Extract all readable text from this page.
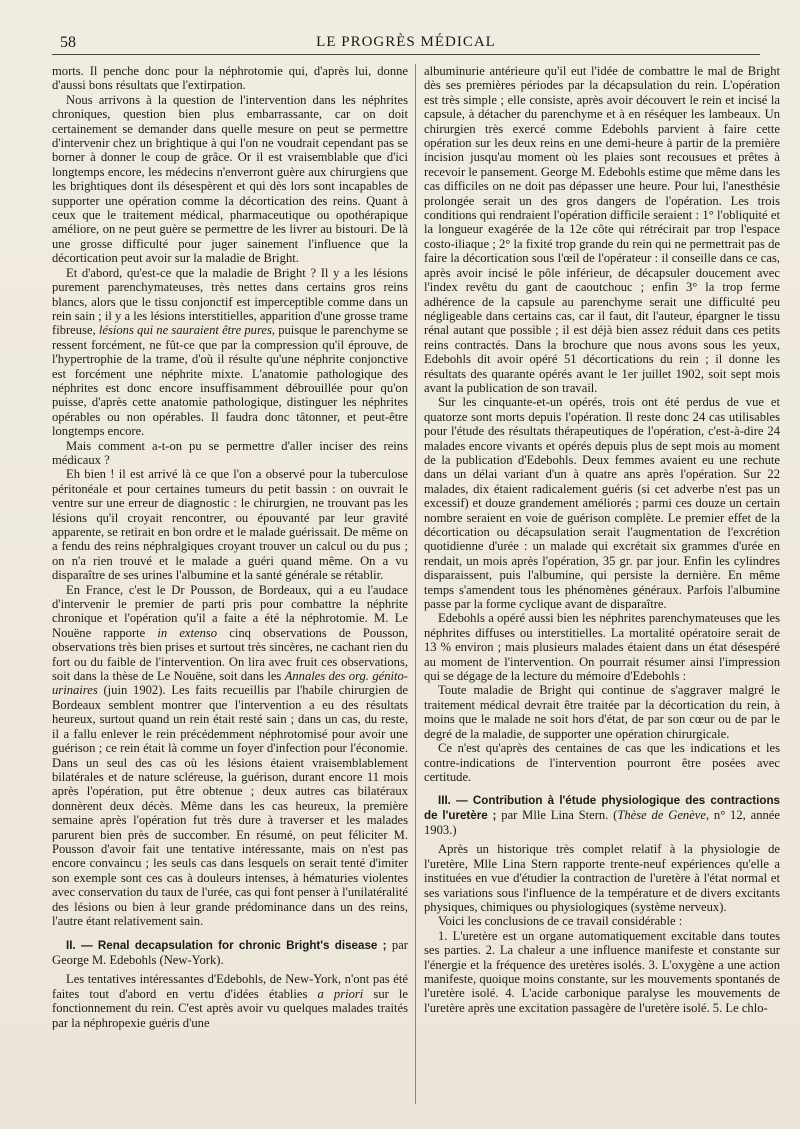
58	LE PROGRÈS MÉDICAL

morts. Il penche donc pour la néphrotomie qui, d'après lui, donne d'aussi bons résultats que l'extirpation.

Nous arrivons à la question de l'intervention dans les néphrites chroniques, question bien plus embarrassante, car on doit certainement se demander dans quelle mesure on peut se permettre d'intervenir chez un brightique à qui l'on ne voudrait cependant pas se borner à donner le coup de grâce. Or il est vraisemblable que d'ici longtemps encore, les médecins n'enverront guère aux chirurgiens que les brightiques dont ils désespèrent et qui dès lors sont incapables de supporter une opération comme la décortication des reins. Quant à ceux que le traitement médical, pharmaceutique ou opothérapique améliore, on ne peut guère se permettre de les livrer au bistouri. De là une grosse difficulté pour juger sainement l'influence que la décortication peut avoir sur la maladie de Bright.

Et d'abord, qu'est-ce que la maladie de Bright ? Il y a les lésions purement parenchymateuses, très nettes dans certains gros reins blancs, alors que le tissu conjonctif est imperceptible comme dans un rein sain ; il y a les lésions interstitielles, apparition d'une grosse trame fibreuse, lésions qui ne sauraient être pures, puisque le parenchyme se ressent forcément, ne fût-ce que par la compression qu'il éprouve, de l'hypertrophie de la trame, d'où il résulte qu'une néphrite conjonctive est forcément une néphrite mixte. L'anatomie pathologique des néphrites est donc encore insuffisamment débrouillée pour qu'on puisse, d'après cette anatomie pathologique, distinguer les néphrites opérables ou non opérables. Il faudra donc tâtonner, et peut-être longtemps encore.

Mais comment a-t-on pu se permettre d'aller inciser des reins médicaux ?

Eh bien ! il est arrivé là ce que l'on a observé pour la tuberculose péritonéale et pour certaines tumeurs du petit bassin : on ouvrait le ventre sur une erreur de diagnostic : le chirurgien, ne trouvant pas les lésions qu'il croyait rencontrer, ou épouvanté par leur gravité apparente, se retirait en bon ordre et le malade guérissait. De même on a fendu des reins néphralgiques croyant trouver un calcul ou du pus ; on n'a rien trouvé et le malade a guéri quand même. On a vu disparaître de ses urines l'albumine et la santé générale se rétablir.

En France, c'est le Dr Pousson, de Bordeaux, qui a eu l'audace d'intervenir le premier de parti pris pour combattre la néphrite chronique et l'opération qu'il a faite a été la néphrotomie. M. Le Nouëne rapporte in extenso cinq observations de Pousson, observations très bien prises et surtout très sincères, ne cachant rien du fort ou du faible de l'intervention. On lira avec fruit ces observations, soit dans la thèse de Le Nouëne, soit dans les Annales des org. génito-urinaires (juin 1902). Les faits recueillis par l'habile chirurgien de Bordeaux semblent montrer que l'intervention a eu des résultats heureux, surtout quand un rein était resté sain ; dans un cas, du reste, il a fallu enlever le rein précédemment néphrotomisé pour avoir une guérison ; ce rein était là comme un foyer d'infection pour l'économie. Dans un seul des cas où les lésions étaient vraisemblablement bilatérales et de nature scléreuse, la guérison, durant encore 11 mois après l'opération, put être obtenue ; deux autres cas bilatéraux donnèrent deux décès. Même dans les cas heureux, la première semaine après l'opération fut très dure à traverser et les malades parurent bien près de succomber. En résumé, on peut féliciter M. Pousson d'avoir fait une tentative intéressante, mais on n'est pas encore convaincu ; les seuls cas dans lesquels on serait tenté d'imiter son exemple sont ces cas à douleurs intenses, à hématuries violentes avec conservation du taux de l'urée, cas qui font penser à l'unilatéralité des lésions ou bien à leur grande prédominance dans un des reins, l'autre étant relativement sain.

II. — Renal decapsulation for chronic Bright's disease ; par George M. Edebohls (New-York).

Les tentatives intéressantes d'Edebohls, de New-York, n'ont pas été faites tout d'abord en vertu d'idées établies a priori sur le fonctionnement du rein. C'est après avoir vu quelques malades traités par la néphropexie guéris d'une

albuminurie antérieure qu'il eut l'idée de combattre le mal de Bright dès ses premières périodes par la décapsulation du rein. L'opération est très simple ; elle consiste, après avoir découvert le rein et incisé la capsule, à détacher du parenchyme et à en réséquer les lambeaux. Un chirurgien très exercé comme Edebohls parvient à faire cette opération sur les deux reins en une demi-heure à partir de la première incision jusqu'au moment où les plaies sont recousues et prêtes à recevoir le pansement. George M. Edebohls estime que même dans les cas difficiles on ne doit pas dépasser une heure. Pour lui, l'anesthésie prolongée serait un des gros dangers de l'opération. Les trois conditions qui rendraient l'opération difficile seraient : 1° l'obliquité et la longueur exagérée de la 12e côte qui rétrécirait par trop l'espace costo-iliaque ; 2° la fixité trop grande du rein qui ne permettrait pas de faire la décortication sous l'œil de l'opérateur : il conseille dans ce cas, après avoir incisé le pôle inférieur, de décapsuler doucement avec l'index revêtu du gant de caoutchouc ; enfin 3° la trop ferme adhérence de la capsule au parenchyme serait une difficulté peu négligeable dans certains cas, car il faut, dit l'auteur, épargner le tissu rénal autant que possible ; il est déjà bien assez réduit dans ces petits reins contractés. Dans la brochure que nous avons sous les yeux, Edebohls dit avoir opéré 51 décortications du rein ; il donne les résultats des quarante opérés avant le 1er juillet 1902, soit sept mois avant la publication de son travail.

Sur les cinquante-et-un opérés, trois ont été perdus de vue et quatorze sont morts depuis l'opération. Il reste donc 24 cas utilisables pour l'étude des résultats thérapeutiques de l'opération, c'est-à-dire 24 malades encore vivants et opérés depuis plus de sept mois au moment de la publication d'Edebohls. Deux femmes avaient eu une rechute dans un délai variant d'un à quatre ans après l'opération. Sur 22 malades, dix étaient radicalement guéris (si cet adverbe n'est pas un excessif) et douze grandement améliorés ; parmi ces douze un certain nombre seraient en voie de guérison complète. Le premier effet de la décortication ou décapsulation serait l'augmentation de l'excrétion quotidienne d'urée : un malade qui excrétait six grammes d'urée en rendait, un mois après l'opération, 35 gr. par jour. Enfin les cylindres disparaissent, puis l'albumine, qui persiste la dernière. En même temps s'amendent tous les phénomènes généraux. Parfois l'albumine passe par la forme cyclique avant de disparaître.

Edebohls a opéré aussi bien les néphrites parenchymateuses que les néphrites diffuses ou interstitielles. La mortalité opératoire serait de 13 % environ ; mais plusieurs malades étaient dans un état désespéré au moment de l'intervention. On pourrait résumer ainsi l'impression qui se dégage de la lecture du mémoire d'Edebohls :

Toute maladie de Bright qui continue de s'aggraver malgré le traitement médical devrait être traitée par la décortication du rein, à moins que le malade ne soit hors d'état, de par son cœur ou de par le degré de la maladie, de supporter une opération chirurgicale.

Ce n'est qu'après des centaines de cas que les indications et les contre-indications de l'intervention pourront être posées avec certitude.

III. — Contribution à l'étude physiologique des contractions de l'uretère ; par Mlle Lina Stern. (Thèse de Genève, n° 12, année 1903.)

Après un historique très complet relatif à la physiologie de l'uretère, Mlle Lina Stern rapporte trente-neuf expériences qu'elle a instituées en vue d'étudier la contraction de l'uretère à l'état normal et ses variations sous l'influence de la température et de divers excitants physiques, chimiques ou physiologiques (système nerveux).

Voici les conclusions de ce travail considérable :

1. L'uretère est un organe automatiquement excitable dans toutes ses parties. 2. La chaleur a une influence manifeste et constante sur l'énergie et la fréquence des uretères isolés. 3. L'oxygène a une action manifeste, quoique moins constante, sur les mouvements spontanés de l'uretère isolé. 4. L'acide carbonique paralyse les mouvements de l'uretère après une excitation passagère de l'uretère isolé. 5. Le chlo-
